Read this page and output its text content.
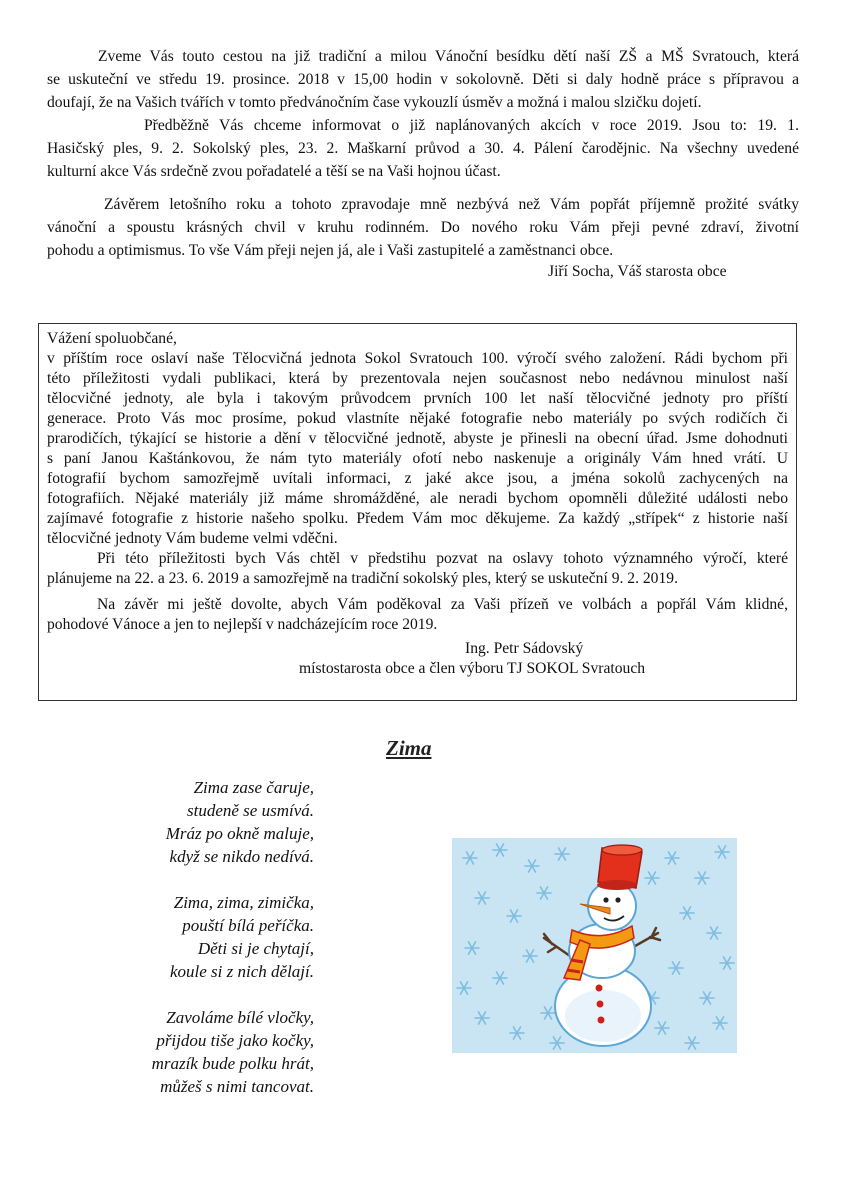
Zveme Vás touto cestou na již tradiční a milou Vánoční besídku dětí naší ZŠ a MŠ Svratouch, která
se uskuteční ve středu 19. prosince. 2018 v 15,00 hodin v sokolovně. Děti si daly hodně práce s přípravou a
doufají, že na Vašich tvářích v tomto předvánočním čase vykouzlí úsměv a možná i malou slzičku dojetí.
Předběžně Vás chceme informovat o již naplánovaných akcích v roce 2019. Jsou to: 19. 1.
Hasičský ples, 9. 2. Sokolský ples, 23. 2. Maškarní průvod a 30. 4. Pálení čarodějnic. Na všechny uvedené
kulturní akce Vás srdečně zvou pořadatelé a těší se na Vaši hojnou účast.
Závěrem letošního roku a tohoto zpravodaje mně nezbývá než Vám popřát příjemně prožité svátky
vánoční a spoustu krásných chvil v kruhu rodinném. Do nového roku Vám přeji pevné zdraví, životní
pohodu a optimismus. To vše Vám přeji nejen já, ale i Vaši zastupitelé a zaměstnanci obce.
Jiří Socha, Váš starosta obce
Vážení spoluobčané,
v příštím roce oslaví naše Tělocvičná jednota Sokol Svratouch 100. výročí svého založení. Rádi bychom při
této příležitosti vydali publikaci, která by prezentovala nejen současnost nebo nedávnou minulost naší
tělocvičné jednoty, ale byla i takovým průvodcem prvních 100 let naší tělocvičné jednoty pro příští
generace. Proto Vás moc prosíme, pokud vlastníte nějaké fotografie nebo materiály po svých rodičích či
prarodičích, týkající se historie a dění v tělocvičné jednotě, abyste je přinesli na obecní úřad. Jsme dohodnuti
s paní Janou Kaštánkovou, že nám tyto materiály ofotí nebo naskenuje a originály Vám hned vrátí. U
fotografií bychom samozřejmě uvítali informaci, z jaké akce jsou, a jména sokolů zachycených na
fotografiích. Nějaké materiály již máme shromážděné, ale neradi bychom opomněli důležité události nebo
zajímavé fotografie z historie našeho spolku. Předem Vám moc děkujeme. Za každý „střípek“ z historie naší
tělocvičné jednoty Vám budeme velmi vděčni.
Při této příležitosti bych Vás chtěl v předstihu pozvat na oslavy tohoto významného výročí, které
plánujeme na 22. a 23. 6. 2019 a samozřejmě na tradiční sokolský ples, který se uskuteční 9. 2. 2019.
Na závěr mi ještě dovolte, abych Vám poděkoval za Vaši přízeň ve volbách a popřál Vám klidné,
pohodové Vánoce a jen to nejlepší v nadcházejícím roce 2019.
Ing. Petr Sádovský
místostarosta obce a člen výboru TJ SOKOL Svratouch
Zima
Zima zase čaruje,
studeně se usmívá.
Mráz po okně maluje,
když se nikdo nedívá.
Zima, zima, zimička,
pouští bílá peříčka.
Děti si je chytají,
koule si z nich dělají.
Zavoláme bílé vločky,
přijdou tiše jako kočky,
mrazík bude polku hrát,
můžeš s nimi tancovat.
